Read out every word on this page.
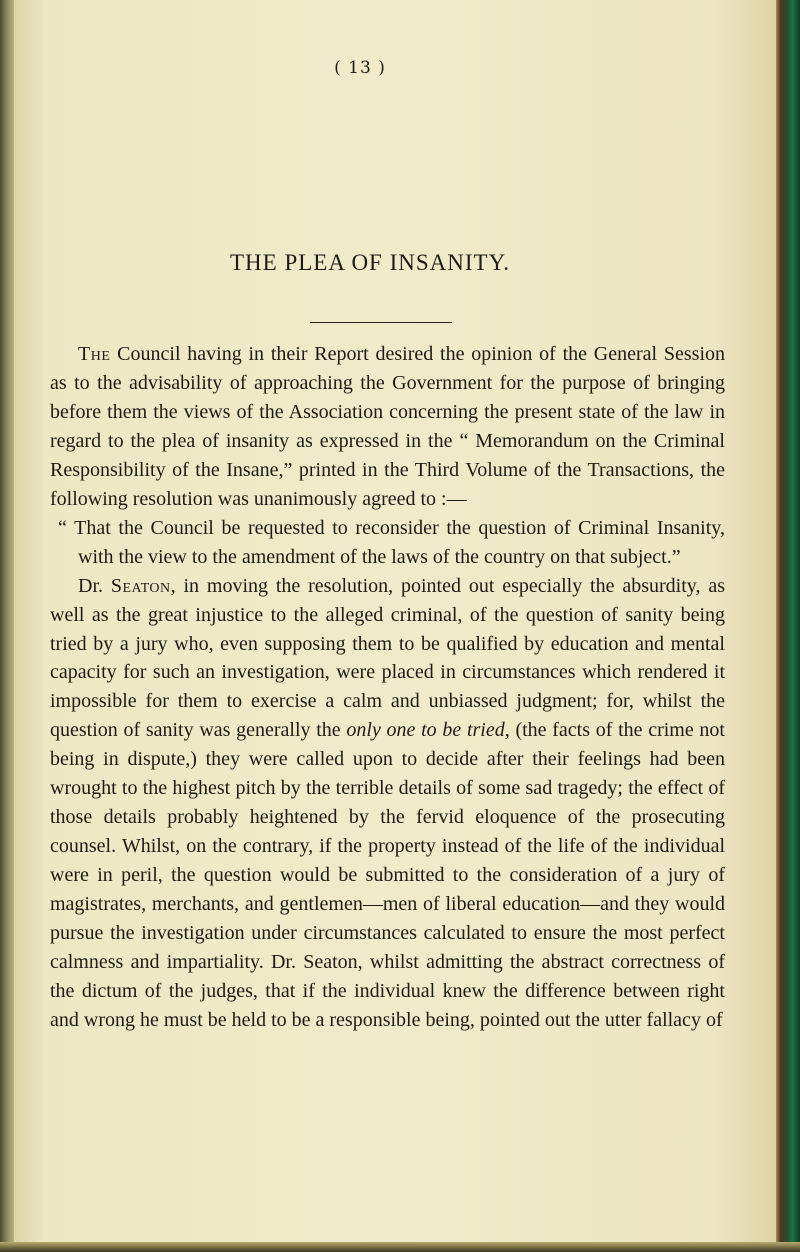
( 13 )
THE PLEA OF INSANITY.

The Council having in their Report desired the opinion of the General Session as to the advisability of approaching the Government for the purpose of bringing before them the views of the Association concerning the present state of the law in regard to the plea of insanity as expressed in the “ Memorandum on the Criminal Responsibility of the Insane,” printed in the Third Volume of the Transactions, the following resolution was unanimously agreed to :—

“ That the Council be requested to reconsider the question of Criminal Insanity, with the view to the amendment of the laws of the country on that subject.”

Dr. Seaton, in moving the resolution, pointed out especially the absurdity, as well as the great injustice to the alleged criminal, of the question of sanity being tried by a jury who, even supposing them to be qualified by education and mental capacity for such an investigation, were placed in circumstances which rendered it impossible for them to exercise a calm and unbiassed judgment; for, whilst the question of sanity was generally the only one to be tried, (the facts of the crime not being in dispute,) they were called upon to decide after their feelings had been wrought to the highest pitch by the terrible details of some sad tragedy; the effect of those details probably heightened by the fervid eloquence of the prosecuting counsel. Whilst, on the contrary, if the property instead of the life of the individual were in peril, the question would be submitted to the consideration of a jury of magistrates, merchants, and gentlemen—men of liberal education—and they would pursue the investigation under circumstances calculated to ensure the most perfect calmness and impartiality. Dr. Seaton, whilst admitting the abstract correctness of the dictum of the judges, that if the individual knew the difference between right and wrong he must be held to be a responsible being, pointed out the utter fallacy of
